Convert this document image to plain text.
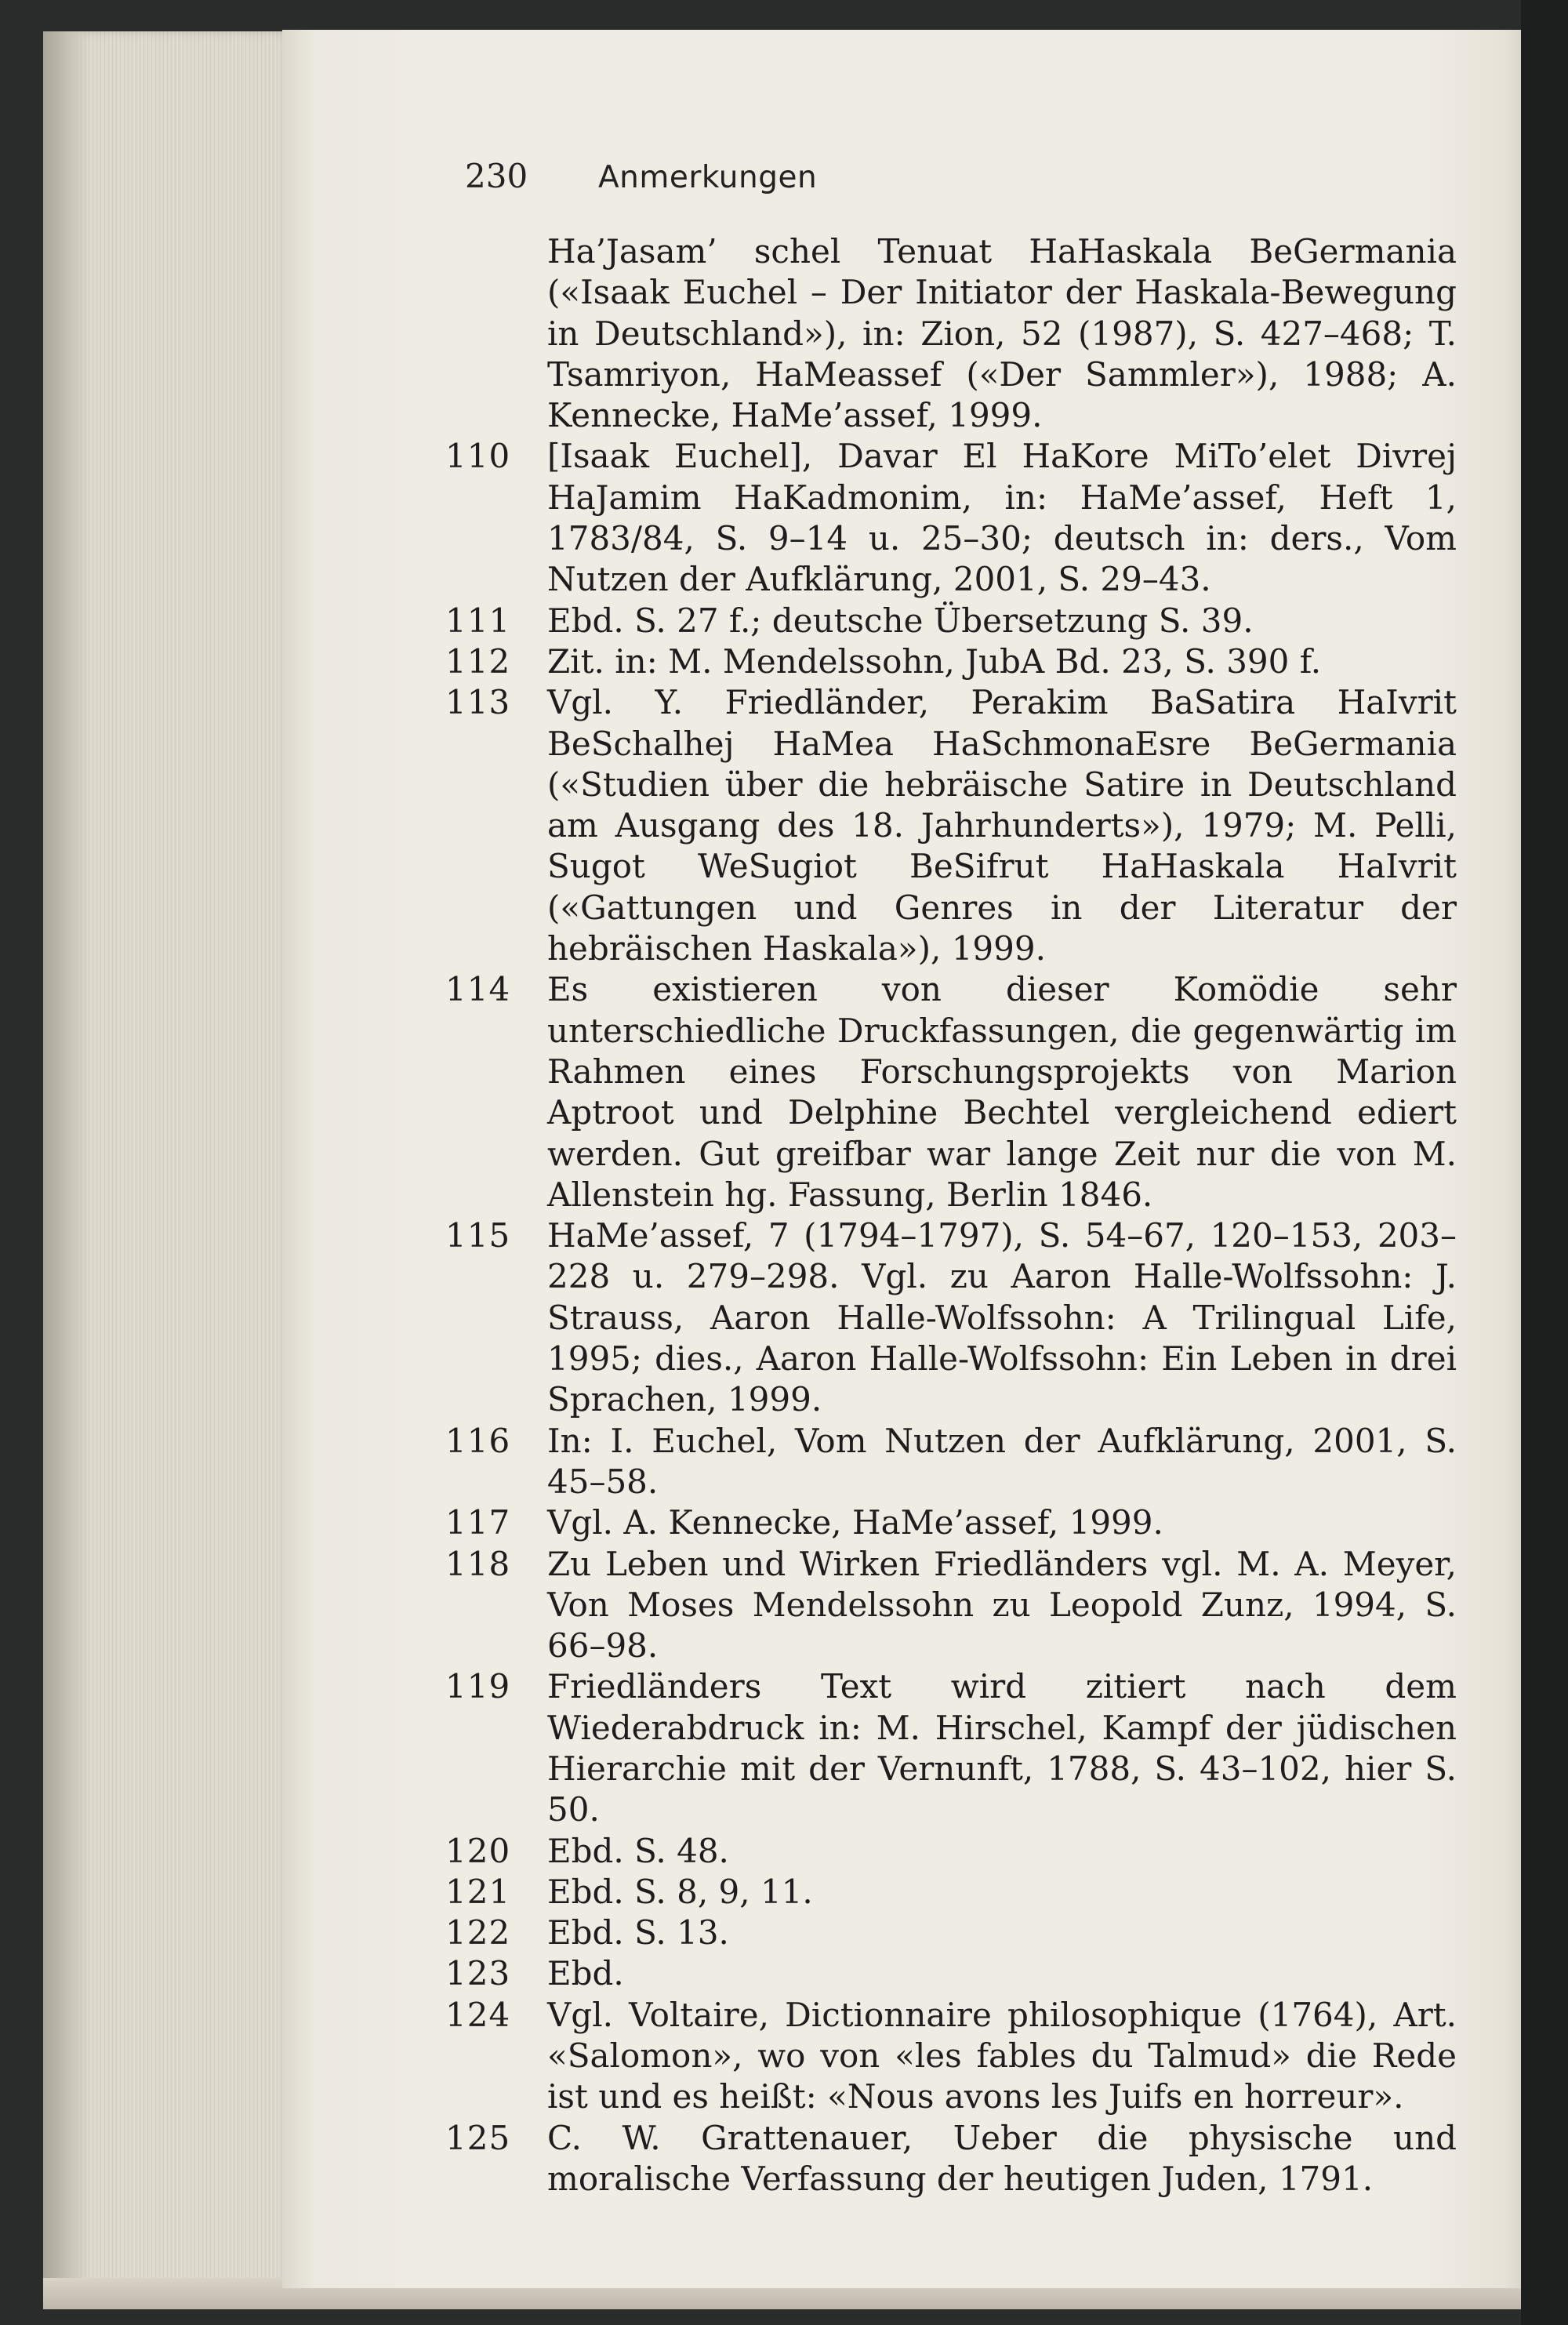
230 Anmerkungen
Ha’Jasam’ schel Tenuat HaHaskala BeGermania («Isaak Euchel – Der Initiator der Haskala-Bewegung in Deutschland»), in: Zion, 52 (1987), S. 427–468; T. Tsamriyon, HaMeassef («Der Sammler»), 1988; A. Kennecke, HaMe’assef, 1999.
110	[Isaak Euchel], Davar El HaKore MiTo’elet Divrej HaJamim HaKadmonim, in: HaMe’assef, Heft 1, 1783/84, S. 9–14 u. 25–30; deutsch in: ders., Vom Nutzen der Aufklärung, 2001, S. 29–43.
111	Ebd. S. 27 f.; deutsche Übersetzung S. 39.
112	Zit. in: M. Mendelssohn, JubA Bd. 23, S. 390 f.
113	Vgl. Y. Friedländer, Perakim BaSatira HaIvrit BeSchalhej HaMea HaSchmonaEsre BeGermania («Studien über die hebräische Satire in Deutschland am Ausgang des 18. Jahrhunderts»), 1979; M. Pelli, Sugot WeSugiot BeSifrut HaHaskala HaIvrit («Gattungen und Genres in der Literatur der hebräischen Haskala»), 1999.
114	Es existieren von dieser Komödie sehr unterschiedliche Druckfassungen, die gegenwärtig im Rahmen eines Forschungsprojekts von Marion Aptroot und Delphine Bechtel vergleichend ediert werden. Gut greifbar war lange Zeit nur die von M. Allenstein hg. Fassung, Berlin 1846.
115	HaMe’assef, 7 (1794–1797), S. 54–67, 120–153, 203–228 u. 279–298. Vgl. zu Aaron Halle-Wolfssohn: J. Strauss, Aaron Halle-Wolfssohn: A Trilingual Life, 1995; dies., Aaron Halle-Wolfssohn: Ein Leben in drei Sprachen, 1999.
116	In: I. Euchel, Vom Nutzen der Aufklärung, 2001, S. 45–58.
117	Vgl. A. Kennecke, HaMe’assef, 1999.
118	Zu Leben und Wirken Friedländers vgl. M. A. Meyer, Von Moses Mendelssohn zu Leopold Zunz, 1994, S. 66–98.
119	Friedländers Text wird zitiert nach dem Wiederabdruck in: M. Hirschel, Kampf der jüdischen Hierarchie mit der Vernunft, 1788, S. 43–102, hier S. 50.
120	Ebd. S. 48.
121	Ebd. S. 8, 9, 11.
122	Ebd. S. 13.
123	Ebd.
124	Vgl. Voltaire, Dictionnaire philosophique (1764), Art. «Salomon», wo von «les fables du Talmud» die Rede ist und es heißt: «Nous avons les Juifs en horreur».
125	C. W. Grattenauer, Ueber die physische und moralische Verfassung der heutigen Juden, 1791.
